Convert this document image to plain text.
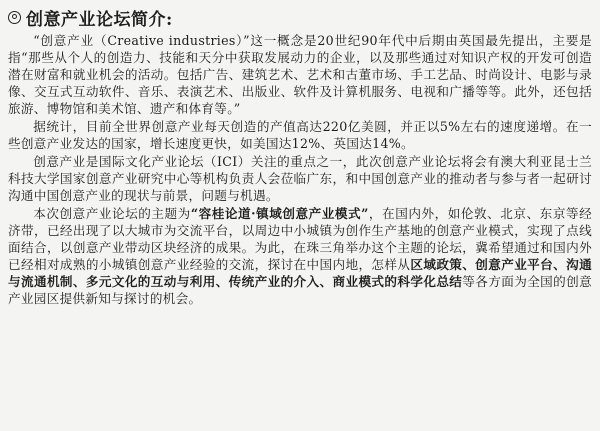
创意产业论坛简介:

“创意产业（Creative industries）”这一概念是20世纪90年代中后期由英国最先提出，主要是指“那些从个人的创造力、技能和天分中获取发展动力的企业，以及那些通过对知识产权的开发可创造潜在财富和就业机会的活动。包括广告、建筑艺术、艺术和古董市场、手工艺品、时尚设计、电影与录像、交互式互动软件、音乐、表演艺术、出版业、软件及计算机服务、电视和广播等等。此外，还包括旅游、博物馆和美术馆、遗产和体育等。”

据统计，目前全世界创意产业每天创造的产值高达220亿美圆，并正以5%左右的速度递增。在一些创意产业发达的国家，增长速度更快，如美国达12%、英国达14%。

创意产业是国际文化产业论坛（ICI）关注的重点之一，此次创意产业论坛将会有澳大利亚昆士兰科技大学国家创意产业研究中心等机构负责人会莅临广东，和中国创意产业的推动者与参与者一起研讨沟通中国创意产业的现状与前景，问题与机遇。

本次创意产业论坛的主题为“容桂论道·镇域创意产业模式”，在国内外，如伦敦、北京、东京等经济带，已经出现了以大城市为交流平台，以周边中小城镇为创作生产基地的创意产业模式，实现了点线面结合，以创意产业带动区块经济的成果。为此，在珠三角举办这个主题的论坛，冀希望通过和国内外已经相对成熟的小城镇创意产业经验的交流，探讨在中国内地，怎样从区域政策、创意产业平台、沟通与流通机制、多元文化的互动与利用、传统产业的介入、商业模式的科学化总结等各方面为全国的创意产业园区提供新知与探讨的机会。
